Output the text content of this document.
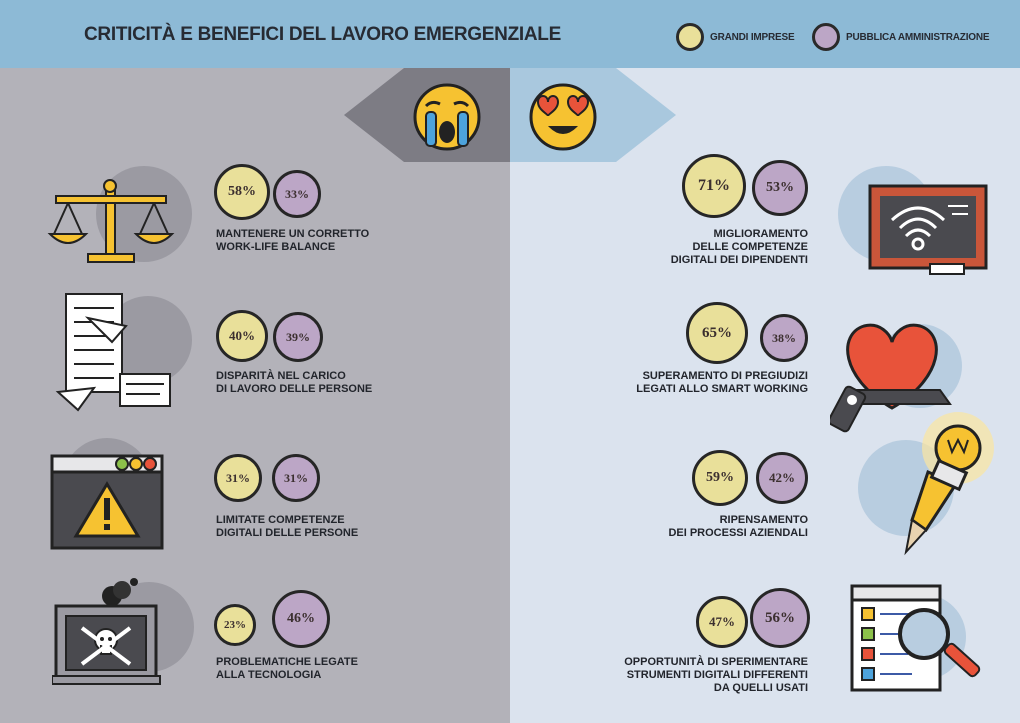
CRITICITÀ E BENEFICI DEL LAVORO EMERGENZIALE	GRANDI IMPRESE	PUBBLICA AMMINISTRAZIONE
58%	33%
MANTENERE UN CORRETTO
WORK-LIFE BALANCE
40%	39%
DISPARITÀ NEL CARICO
DI LAVORO DELLE PERSONE
31%	31%
LIMITATE COMPETENZE
DIGITALI DELLE PERSONE
23%	46%
PROBLEMATICHE LEGATE
ALLA TECNOLOGIA
71%	53%
MIGLIORAMENTO
DELLE COMPETENZE
DIGITALI DEI DIPENDENTI
65%	38%
SUPERAMENTO DI PREGIUDIZI
LEGATI ALLO SMART WORKING
59%	42%
RIPENSAMENTO
DEI PROCESSI AZIENDALI
47%	56%
OPPORTUNITÀ DI SPERIMENTARE
STRUMENTI DIGITALI DIFFERENTI
DA QUELLI USATI
